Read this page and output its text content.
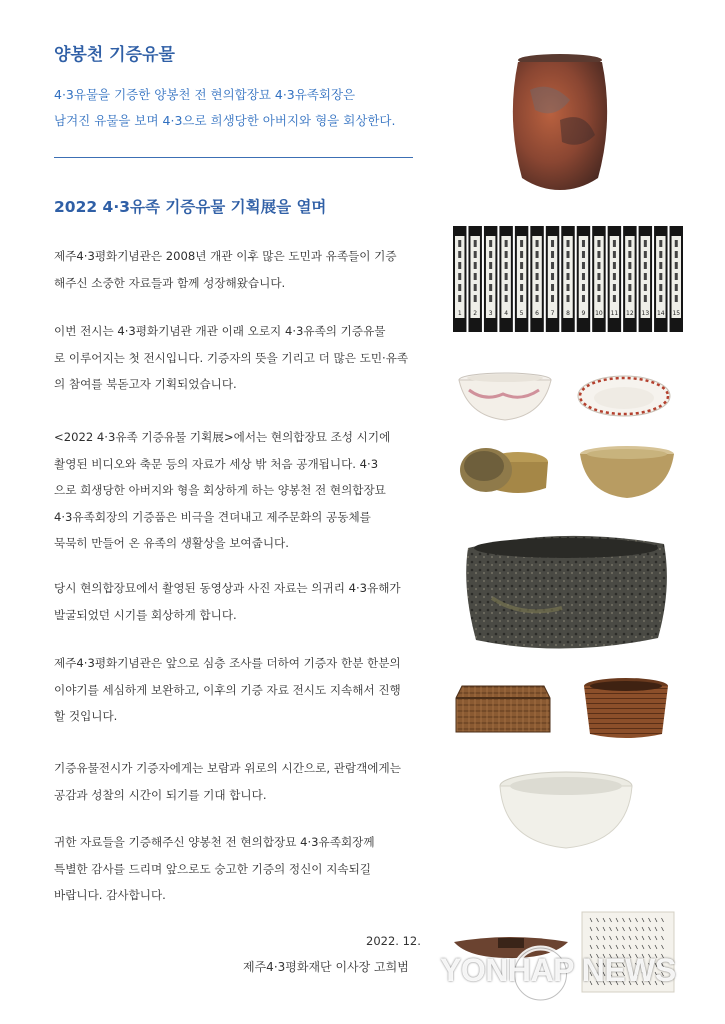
양봉천 기증유물
4·3유물을 기증한 양봉천 전 현의합장묘 4·3유족회장은
남겨진 유물을 보며 4·3으로 희생당한 아버지와 형을 회상한다.
2022 4·3유족 기증유물 기획展을 열며
제주4·3평화기념관은 2008년 개관 이후 많은 도민과 유족들이 기증
해주신 소중한 자료들과 함께 성장해왔습니다.
이번 전시는 4·3평화기념관 개관 이래 오로지 4·3유족의 기증유물
로 이루어지는 첫 전시입니다. 기증자의 뜻을 기리고 더 많은 도민·유족
의 참여를 북돋고자 기획되었습니다.
<2022 4·3유족 기증유물 기획展>에서는 현의합장묘 조성 시기에
촬영된 비디오와 축문 등의 자료가 세상 밖 처음 공개됩니다. 4·3
으로 희생당한 아버지와 형을 회상하게 하는 양봉천 전 현의합장묘
4·3유족회장의 기증품은 비극을 견뎌내고 제주문화의 공동체를
묵묵히 만들어 온 유족의 생활상을 보여줍니다.
당시 현의합장묘에서 촬영된 동영상과 사진 자료는 의귀리 4·3유해가
발굴되었던 시기를 회상하게 합니다.
제주4·3평화기념관은 앞으로 심층 조사를 더하여 기증자 한분 한분의
이야기를 세심하게 보완하고, 이후의 기증 자료 전시도 지속해서 진행
할 것입니다.
기증유물전시가 기증자에게는 보람과 위로의 시간으로, 관람객에게는
공감과 성찰의 시간이 되기를 기대 합니다.
귀한 자료들을 기증해주신 양봉천 전 현의합장묘 4·3유족회장께
특별한 감사를 드리며 앞으로도 숭고한 기증의 정신이 지속되길
바랍니다. 감사합니다.
2022. 12.
제주4·3평화재단 이사장 고희범
1 2 3 4 5 6 7 8 9 10 11 12 13 14 15
YONHAP NEWS
